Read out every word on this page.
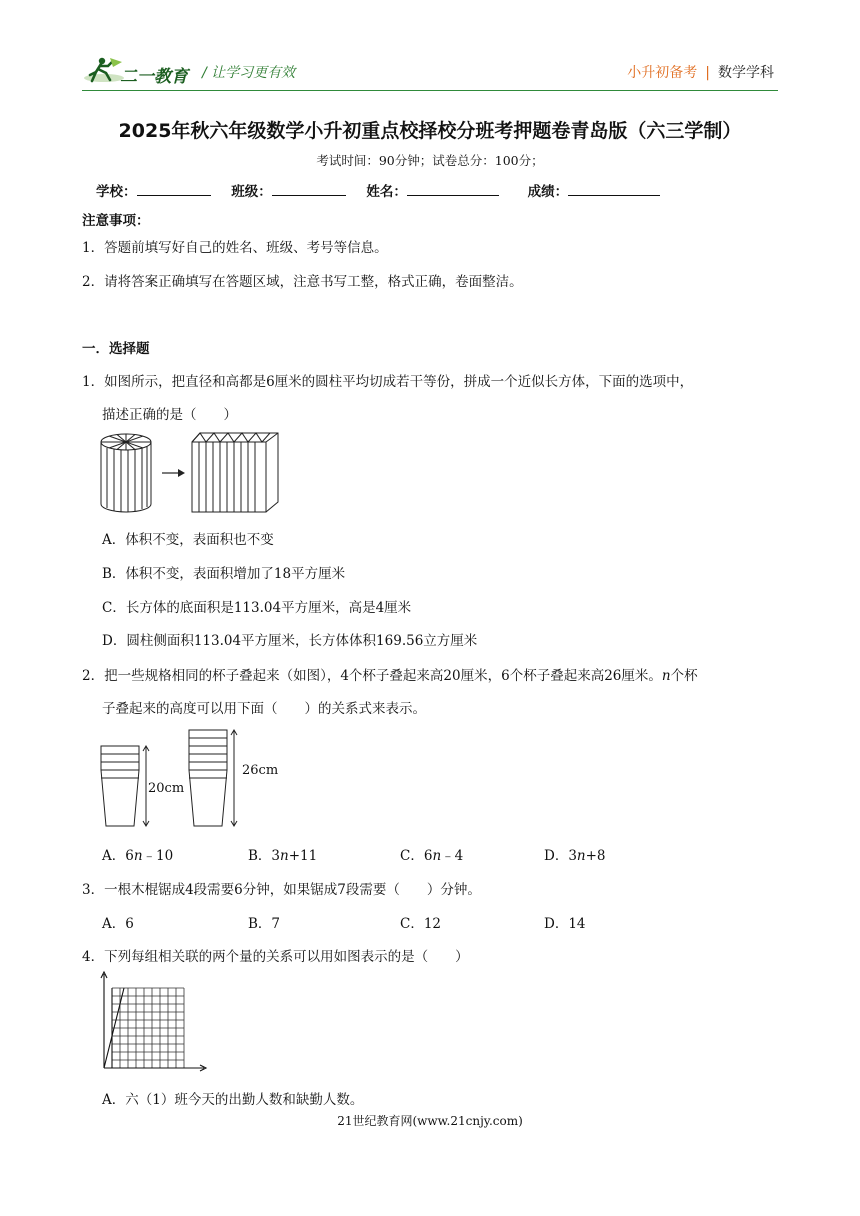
二一教育 / 让学习更有效	小升初备考 | 数学学科
2025年秋六年级数学小升初重点校择校分班考押题卷青岛版（六三学制）
考试时间：90分钟；试卷总分：100分；
学校：	班级：	姓名：	成绩：
注意事项：
1．答题前填写好自己的姓名、班级、考号等信息。
2．请将答案正确填写在答题区域，注意书写工整，格式正确，卷面整洁。
一．选择题
1．如图所示，把直径和高都是6厘米的圆柱平均切成若干等份，拼成一个近似长方体，下面的选项中，
描述正确的是（　　）
A．体积不变，表面积也不变
B．体积不变，表面积增加了18平方厘米
C．长方体的底面积是113.04平方厘米，高是4厘米
D．圆柱侧面积113.04平方厘米，长方体体积169.56立方厘米
2．把一些规格相同的杯子叠起来（如图），4个杯子叠起来高20厘米，6个杯子叠起来高26厘米。n个杯
子叠起来的高度可以用下面（　　）的关系式来表示。
20cm
26cm
A．6n﹣10	B．3n+11	C．6n﹣4	D．3n+8
3．一根木棍锯成4段需要6分钟，如果锯成7段需要（　　）分钟。
A．6	B．7	C．12	D．14
4．下列每组相关联的两个量的关系可以用如图表示的是（　　）
A．六（1）班今天的出勤人数和缺勤人数。
21世纪教育网(www.21cnjy.com)
